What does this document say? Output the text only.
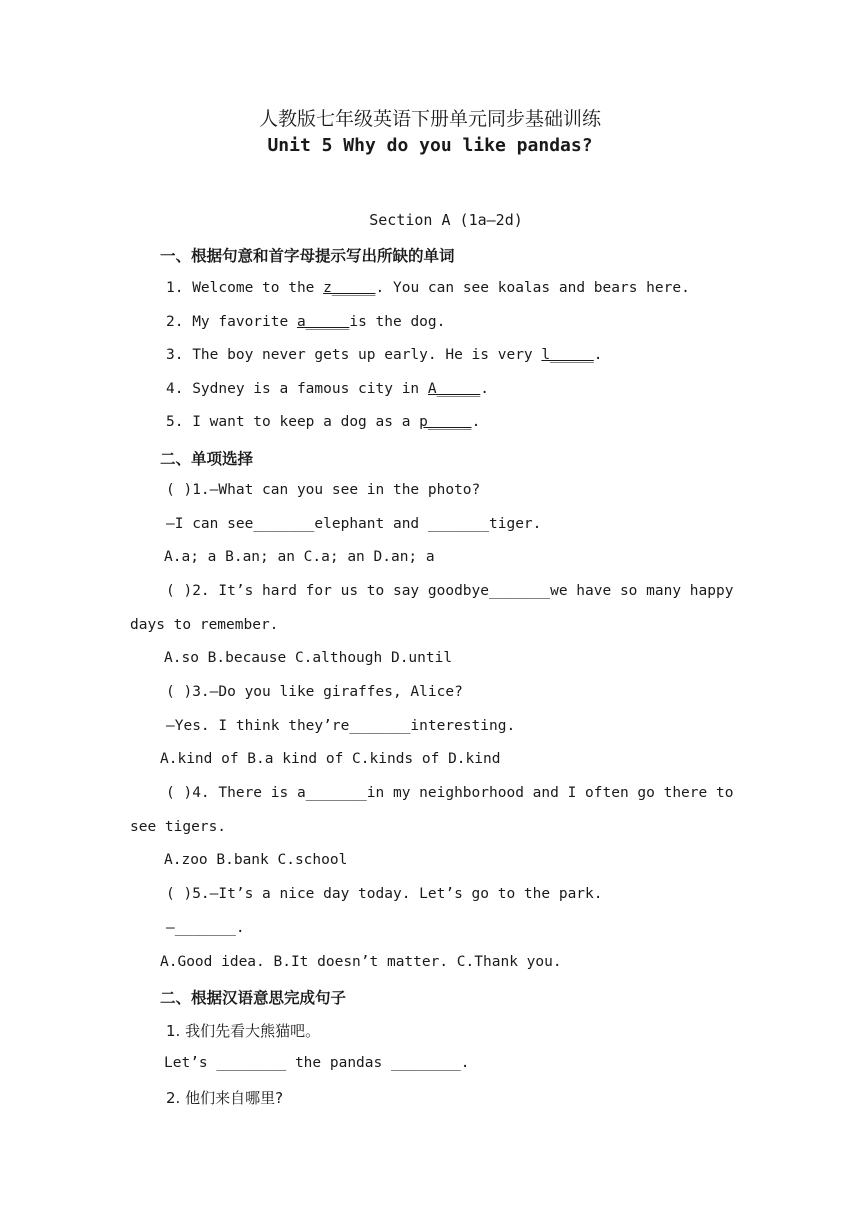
人教版七年级英语下册单元同步基础训练
Unit 5 Why do you like pandas?
Section A (1a—2d)
一、根据句意和首字母提示写出所缺的单词
1. Welcome to the z_____. You can see koalas and bears here.
2. My favorite a_____is the dog.
3. The boy never gets up early. He is very l_____.
4. Sydney is a famous city in A_____.
5. I want to keep a dog as a p_____.
二、单项选择
( )1.—What can you see in the photo?
—I can see_______elephant and _______tiger.
A.a; a B.an; an C.a; an D.an; a
( )2. It’s hard for us to say goodbye_______we have so many happy
days to remember.
A.so B.because C.although D.until
( )3.—Do you like giraffes, Alice?
—Yes. I think they’re_______interesting.
A.kind of B.a kind of C.kinds of D.kind
( )4. There is a_______in my neighborhood and I often go there to
see tigers.
A.zoo B.bank C.school
( )5.—It’s a nice day today. Let’s go to the park.
—_______.
A.Good idea. B.It doesn’t matter. C.Thank you.
二、根据汉语意思完成句子
1. 我们先看大熊猫吧。
Let’s ________ the pandas ________.
2. 他们来自哪里?
